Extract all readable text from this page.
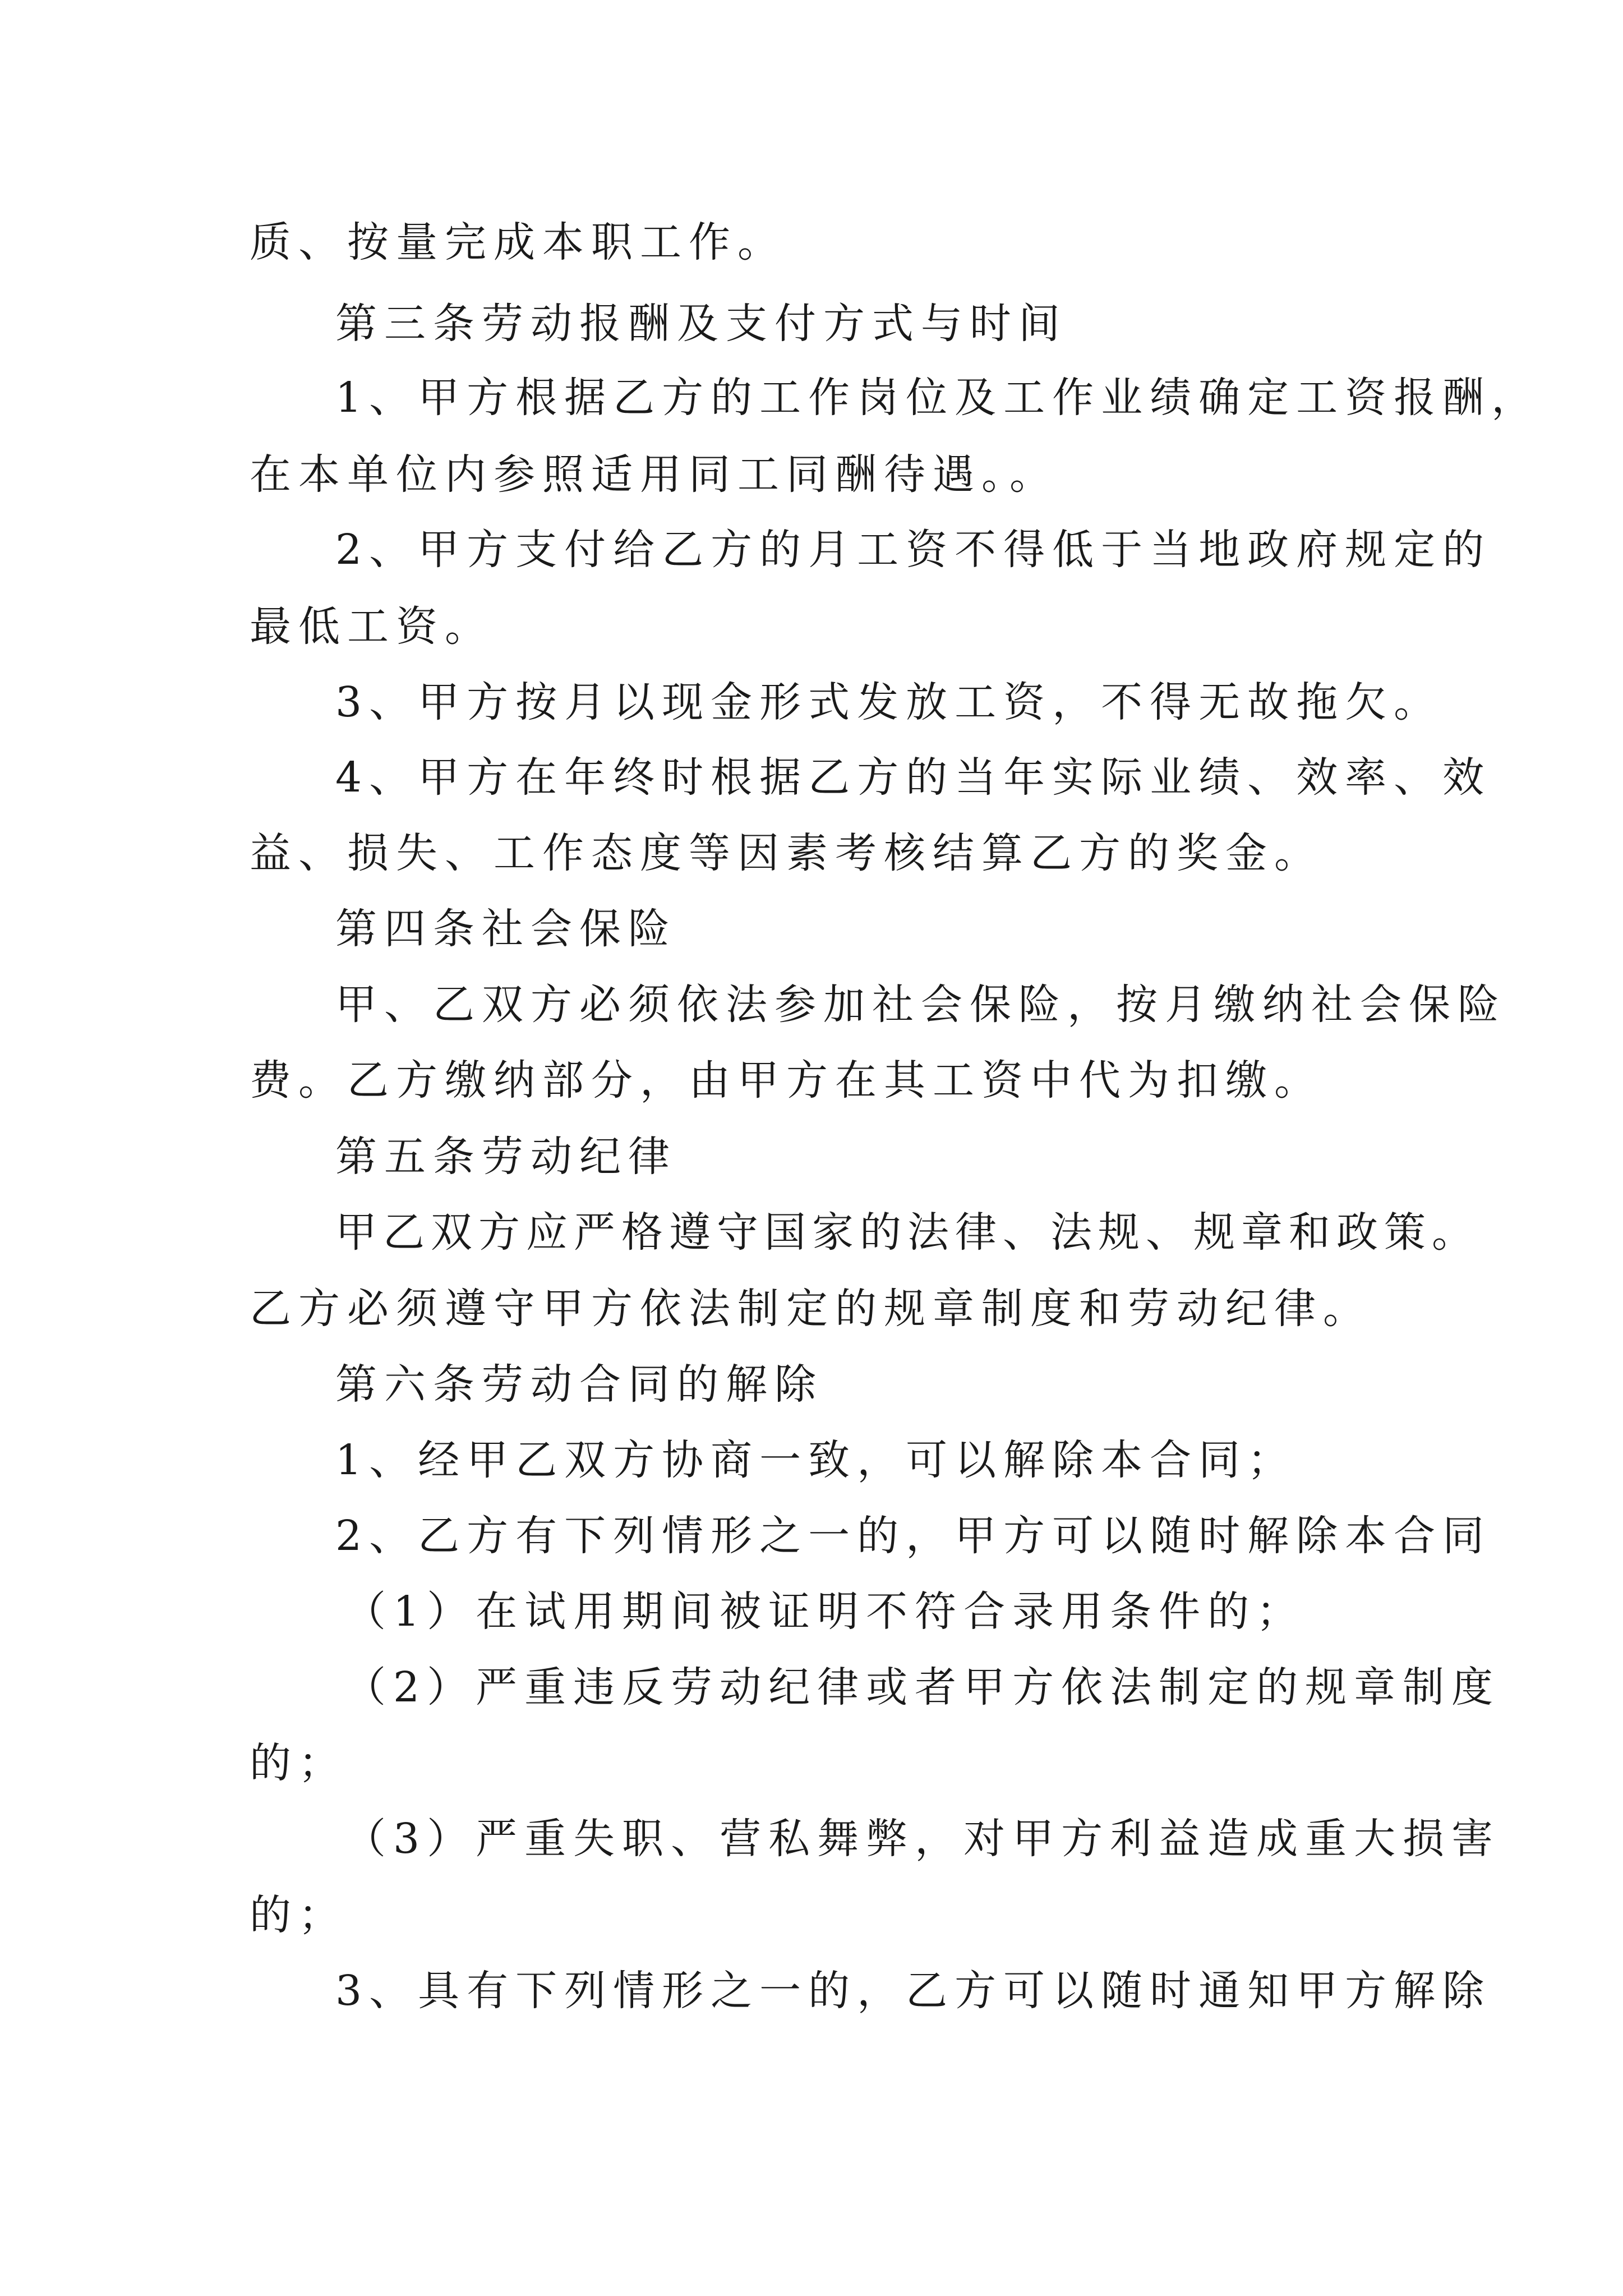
质、按量完成本职工作。
第三条劳动报酬及支付方式与时间
1、甲方根据乙方的工作岗位及工作业绩确定工资报酬，
在本单位内参照适用同工同酬待遇。。
2、甲方支付给乙方的月工资不得低于当地政府规定的
最低工资。
3、甲方按月以现金形式发放工资，不得无故拖欠。
4、甲方在年终时根据乙方的当年实际业绩、效率、效
益、损失、工作态度等因素考核结算乙方的奖金。
第四条社会保险
甲、乙双方必须依法参加社会保险，按月缴纳社会保险
费。乙方缴纳部分，由甲方在其工资中代为扣缴。
第五条劳动纪律
甲乙双方应严格遵守国家的法律、法规、规章和政策。
乙方必须遵守甲方依法制定的规章制度和劳动纪律。
第六条劳动合同的解除
1、经甲乙双方协商一致，可以解除本合同；
2、乙方有下列情形之一的，甲方可以随时解除本合同
（1）在试用期间被证明不符合录用条件的；
（2）严重违反劳动纪律或者甲方依法制定的规章制度
的；
（3）严重失职、营私舞弊，对甲方利益造成重大损害
的；
3、具有下列情形之一的，乙方可以随时通知甲方解除
